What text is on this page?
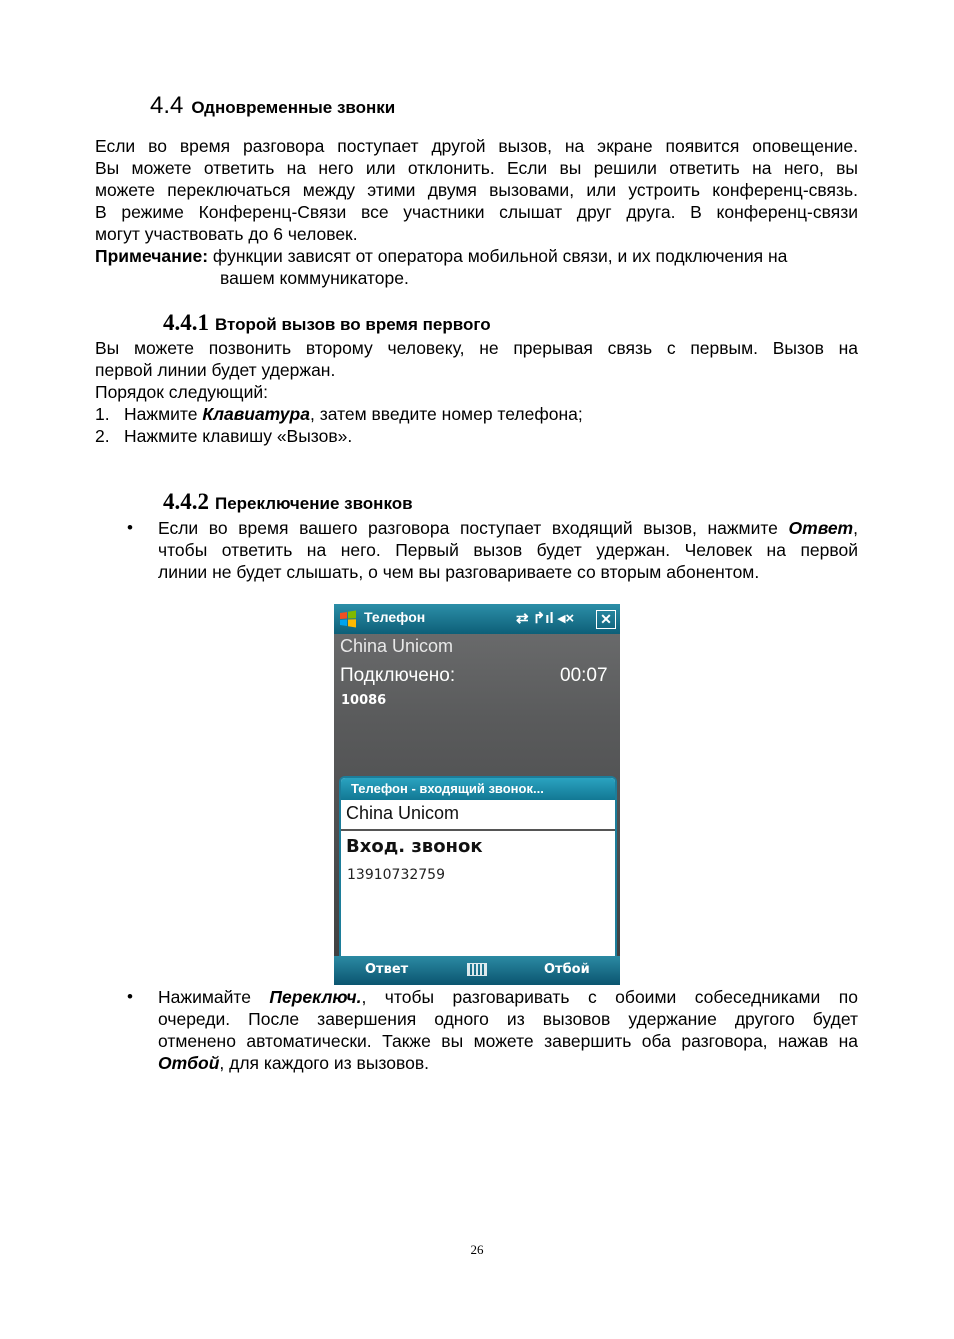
4.4 Одновременные звонки
Если во время разговора поступает другой вызов, на экране появится оповещение.
Вы можете ответить на него или отклонить. Если вы решили ответить на него, вы
можете переключаться между этими двумя вызовами, или устроить конференц-связь.
В режиме Конференц-Связи все участники слышат друг друга. В конференц-связи
могут участвовать до 6 человек.
Примечание: функции зависят от оператора мобильной связи, и их подключения на
вашем коммуникаторе.
4.4.1 Второй вызов во время первого
Вы можете позвонить второму человеку, не прерывая связь с первым. Вызов на
первой линии будет удержан.
Порядок следующий:
1. Нажмите Клавиатура, затем введите номер телефона;
2. Нажмите клавишу «Вызов».
4.4.2 Переключение звонков
• Если во время вашего разговора поступает входящий вызов, нажмите Ответ,
чтобы ответить на него. Первый вызов будет удержан. Человек на первой
линии не будет слышать, о чем вы разговариваете со вторым абонентом.
Телефон	⇄ ↱ıl ◂× ✕
China Unicom
Подключено:	00:07
10086
Телефон - входящий звонок...
China Unicom
Вход. звонок
13910732759
Ответ	Отбой
• Нажимайте Переключ., чтобы разговаривать с обоими собеседниками по
очереди. После завершения одного из вызовов удержание другого будет
отменено автоматически. Также вы можете завершить оба разговора, нажав на
Отбой, для каждого из вызовов.
26
